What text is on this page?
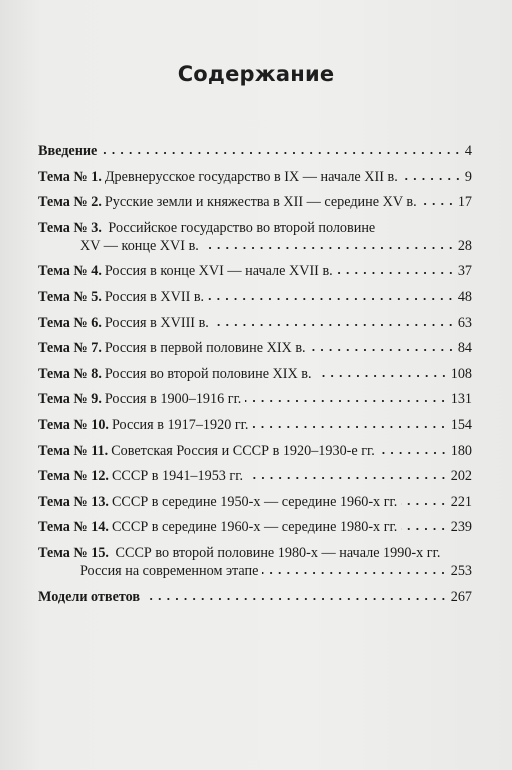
Содержание
Введение	4
Тема № 1. Древнерусское государство в IX — начале XII в.	9
Тема № 2. Русские земли и княжества в XII — середине XV в.	17
Тема № 3. Российское государство во второй половине
XV — конце XVI в.	28
Тема № 4. Россия в конце XVI — начале XVII в.	37
Тема № 5. Россия в XVII в.	48
Тема № 6. Россия в XVIII в.	63
Тема № 7. Россия в первой половине XIX в.	84
Тема № 8. Россия во второй половине XIX в.	108
Тема № 9. Россия в 1900–1916 гг.	131
Тема № 10. Россия в 1917–1920 гг.	154
Тема № 11. Советская Россия и СССР в 1920–1930-е гг.	180
Тема № 12. СССР в 1941–1953 гг.	202
Тема № 13. СССР в середине 1950-х — середине 1960-х гг.	221
Тема № 14. СССР в середине 1960-х — середине 1980-х гг.	239
Тема № 15. СССР во второй половине 1980-х — начале 1990-х гг.
Россия на современном этапе	253
Модели ответов	267
